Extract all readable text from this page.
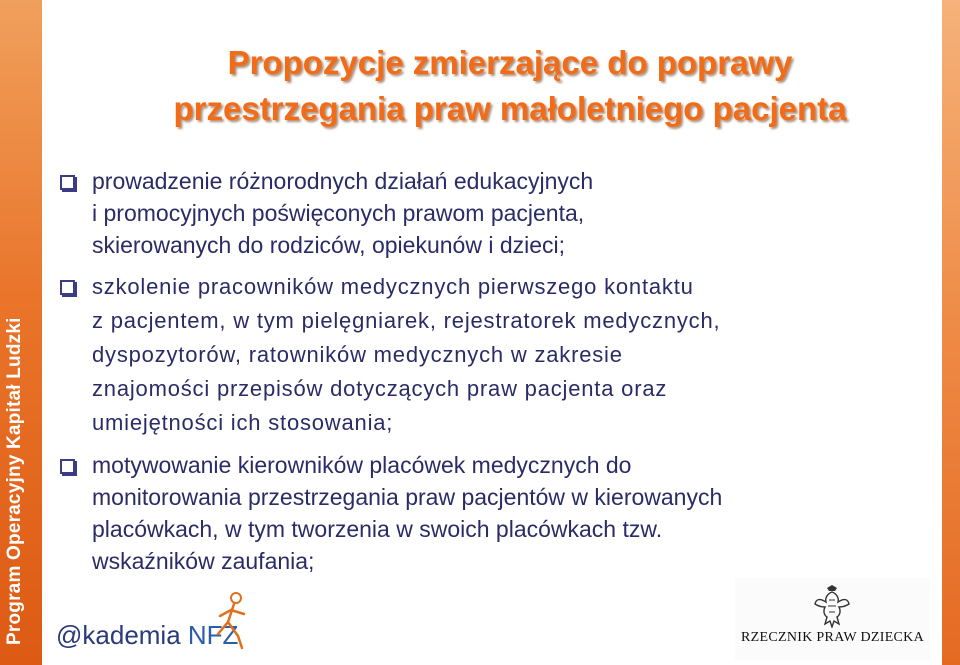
Program Operacyjny Kapitał Ludzki
Propozycje zmierzające do poprawy
przestrzegania praw małoletniego pacjenta
prowadzenie różnorodnych działań edukacyjnych
i promocyjnych poświęconych prawom pacjenta,
skierowanych do rodziców, opiekunów i dzieci;
szkolenie pracowników medycznych pierwszego kontaktu
z pacjentem, w tym pielęgniarek, rejestratorek medycznych,
dyspozytorów, ratowników medycznych w zakresie
znajomości przepisów dotyczących praw pacjenta oraz
umiejętności ich stosowania;
motywowanie kierowników placówek medycznych do
monitorowania przestrzegania praw pacjentów w kierowanych
placówkach, w tym tworzenia w swoich placówkach tzw.
wskaźników zaufania;
@kademia NFZ	RZECZNIK PRAW DZIECKA
